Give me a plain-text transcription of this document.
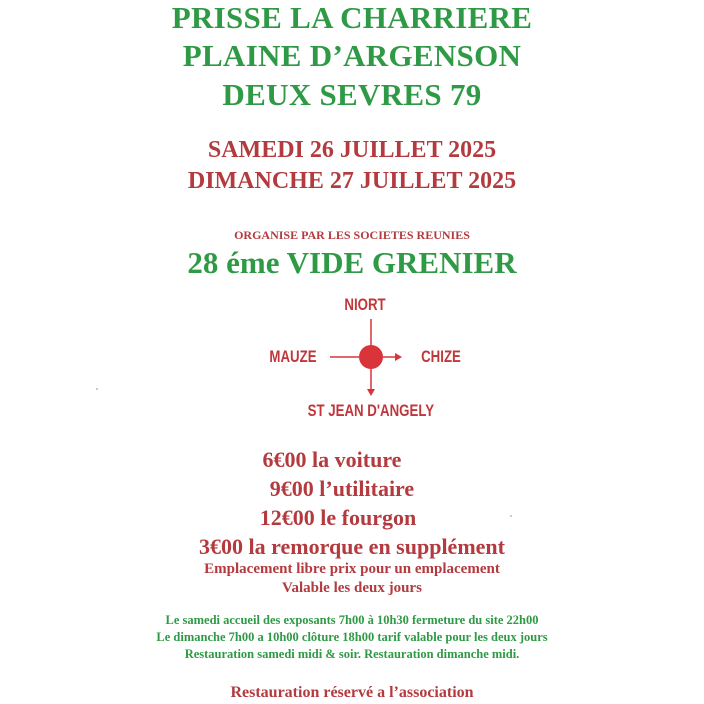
PRISSE LA CHARRIERE
PLAINE D’ARGENSON
DEUX SEVRES 79
SAMEDI 26 JUILLET 2025
DIMANCHE 27 JUILLET 2025
ORGANISE PAR LES SOCIETES REUNIES
28 éme VIDE GRENIER
NIORT
MAUZE	CHIZE
ST JEAN D'ANGELY
6€00 la voiture
9€00 l’utilitaire
12€00 le fourgon
3€00 la remorque en supplément
Emplacement libre prix pour un emplacement
Valable les deux jours
Le samedi accueil des exposants 7h00 à 10h30 fermeture du site 22h00
Le dimanche 7h00 a 10h00 clôture 18h00 tarif valable pour les deux jours
Restauration samedi midi & soir. Restauration dimanche midi.
Restauration réservé a l’association
